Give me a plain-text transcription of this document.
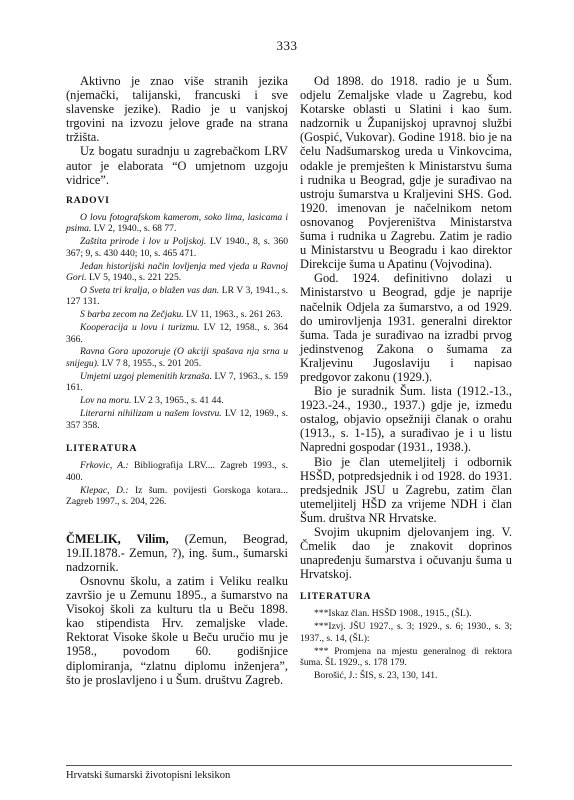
333

Aktivno je znao više stranih jezika (njemački, talijanski, francuski i sve slavenske jezike). Radio je u vanjskoj trgovini na izvozu jelove građe na strana tržišta.

Uz bogatu suradnju u zagrebačkom LRV autor je elaborata “O umjetnom uzgoju vidrice”.

RADOVI

O lovu fotografskom kamerom, soko lima, lasicama i psima. LV 2, 1940., s. 68 77.

Zaštita prirode i lov u Poljskoj. LV 1940., 8, s. 360 367; 9, s. 430 440; 10, s. 465 471.

Jedan historijski način lovljenja med vjeda u Ravnoj Gori. LV 5, 1940., s. 221 225.

O Sveta tri kralja, o blažen vas dan. LR V 3, 1941., s. 127 131.

S barba zecom na Zečjaku. LV 11, 1963., s. 261 263.

Kooperacija u lovu i turizmu. LV 12, 1958., s. 364 366.

Ravna Gora upozoruje (O akciji spašava nja srna u snijegu). LV 7 8, 1955., s. 201 205.

Umjetni uzgoj plemenitih krznaša. LV 7, 1963., s. 159 161.

Lov na moru. LV 2 3, 1965., s. 41 44.

Literarni nihilizam u našem lovstvu. LV 12, 1969., s. 357 358.

LITERATURA

Frkovic, A.: Bibliografija LRV.... Zagreb 1993., s. 400.

Klepac, D.: Iz šum. povijesti Gorskoga kotara... Zagreb 1997., s. 204, 226.

ČMELIK, Vilim, (Zemun, Beograd, 19.II.1878.- Zemun, ?), ing. šum., šumarski nadzornik.

Osnovnu školu, a zatim i Veliku realku završio je u Zemunu 1895., a šumarstvo na Visokoj školi za kulturu tla u Beču 1898. kao stipendista Hrv. zemaljske vlade. Rektorat Visoke škole u Beču uručio mu je 1958., povodom 60. godišnjice diplomiranja, “zlatnu diplomu inženjera”, što je proslavljeno i u Šum. društvu Zagreb.

Od 1898. do 1918. radio je u Šum. odjelu Zemaljske vlade u Zagrebu, kod Kotarske oblasti u Slatini i kao šum. nadzornik u Županijskoj upravnoj službi (Gospić, Vukovar). Godine 1918. bio je na čelu Nadšumarskog ureda u Vinkovcima, odakle je premješten k Ministarstvu šuma i rudnika u Beograd, gdje je surađivao na ustroju šumarstva u Kraljevini SHS. God. 1920. imenovan je načelnikom netom osnovanog Povjereništva Ministarstva šuma i rudnika u Zagrebu. Zatim je radio u Ministarstvu u Beogradu i kao direktor Direkcije šuma u Apatinu (Vojvodina).

God. 1924. definitivno dolazi u Ministarstvo u Beograd, gdje je naprije načelnik Odjela za šumarstvo, a od 1929. do umirovljenja 1931. generalni direktor šuma. Tada je surađivao na izradbi prvog jedinstvenog Zakona o šumama za Kraljevinu Jugoslaviju i napisao predgovor zakonu (1929.).

Bio je suradnik Šum. lista (1912.-13., 1923.-24., 1930., 1937.) gdje je, između ostalog, objavio opsežniji članak o orahu (1913., s. 1-15), a surađivao je i u listu Napredni gospodar (1931., 1938.).

Bio je član utemeljitelj i odbornik HSŠD, potpredsjednik i od 1928. do 1931. predsjednik JSU u Zagrebu, zatim član utemeljitelj HŠD za vrijeme NDH i član Šum. društva NR Hrvatske.

Svojim ukupnim djelovanjem ing. V. Čmelik dao je znakovit doprinos unapređenju šumarstva i očuvanju šuma u Hrvatskoj.

LITERATURA

***Iskaz član. HSŠD 1908., 1915., (ŠL).

***Izvj. JŠU 1927., s. 3; 1929., s. 6; 1930., s. 3; 1937., s. 14, (ŠL):

*** Promjena na mjestu generalnog di rektora šuma. ŠL 1929., s. 178 179.

Borošić, J.: ŠIS, s. 23, 130, 141.

Hrvatski šumarski životopisni leksikon
